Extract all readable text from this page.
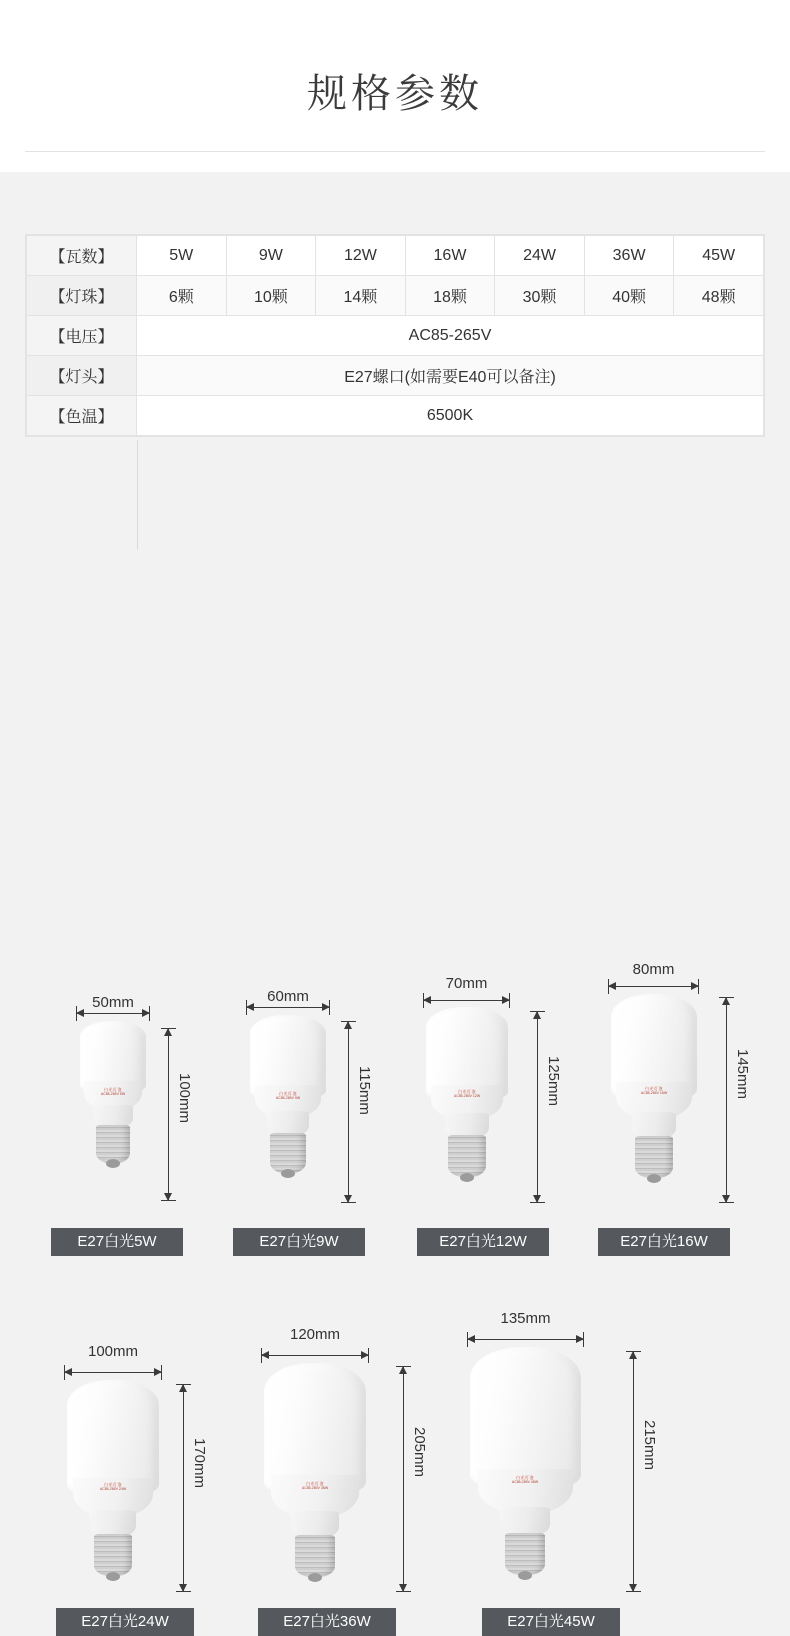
规格参数
【瓦数】	5W	9W	12W	16W	24W	36W	45W
【灯珠】	6颗	10颗	14颗	18颗	30颗	40颗	48颗
【电压】	AC85-265V						
【灯头】	E27螺口(如需要E40可以备注)						
【色温】	6500K						
50mm
白光灯泡
AC85-265V 5W	100mm
E27白光5W
60mm
白光灯泡
AC85-265V 9W	115mm
E27白光9W
70mm
白光灯泡
AC85-265V 12W	125mm
E27白光12W
80mm
白光灯泡
AC85-265V 16W	145mm
E27白光16W
100mm
白光灯泡
AC85-265V 24W
170mm
E27白光24W
120mm
白光灯泡
AC85-265V 36W
205mm
E27白光36W
135mm
白光灯泡
AC85-265V 45W
215mm
E27白光45W
